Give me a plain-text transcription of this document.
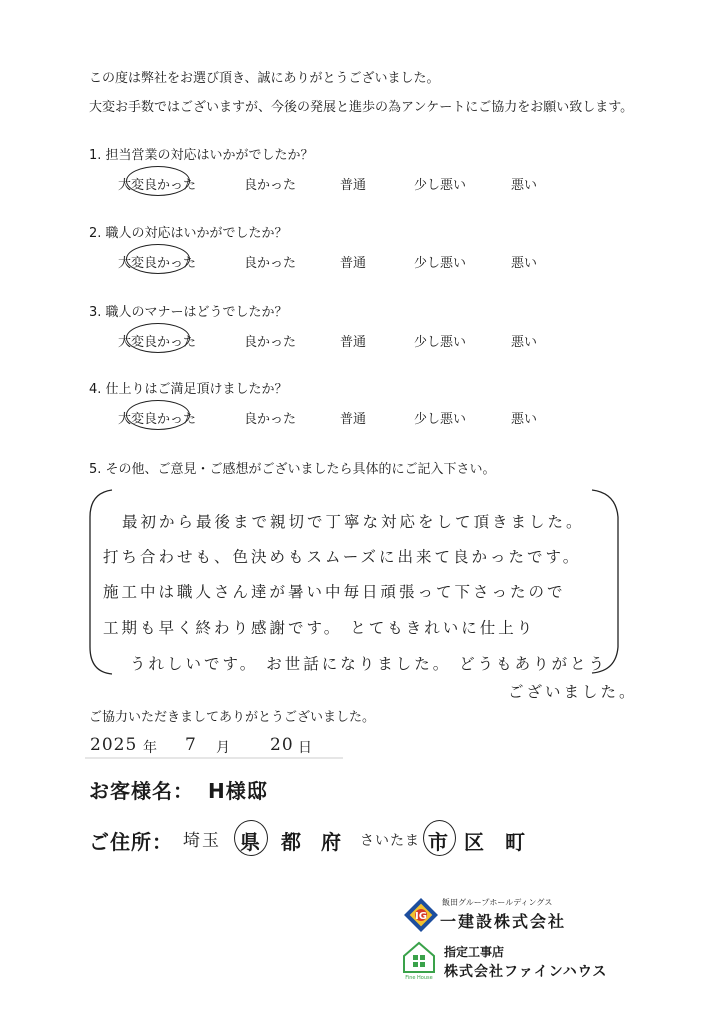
この度は弊社をお選び頂き、誠にありがとうございました。
大変お手数ではございますが、今後の発展と進歩の為アンケートにご協力をお願い致します。
1. 担当営業の対応はいかがでしたか？
大変良かった	良かった	普通	少し悪い	悪い
2. 職人の対応はいかがでしたか？
大変良かった	良かった	普通	少し悪い	悪い
3. 職人のマナーはどうでしたか？
大変良かった	良かった	普通	少し悪い	悪い
4. 仕上りはご満足頂けましたか？
大変良かった	良かった	普通	少し悪い	悪い
5. その他、ご意見・ご感想がございましたら具体的にご記入下さい。
最初から最後まで親切で丁寧な対応をして頂きました。
打ち合わせも、色決めもスムーズに出来て良かったです。
施工中は職人さん達が暑い中毎日頑張って下さったので
工期も早く終わり感謝です。 とてもきれいに仕上り
うれしいです。 お世話になりました。 どうもありがとう
ございました。
ご協力いただきましてありがとうございました。
2025 年 7 月 20 日
お客様名： H様邸
ご住所： 埼玉 県 都 府 さいたま 市 区 町
IG
飯田グループホールディングス
一建設株式会社
Fine House
指定工事店
株式会社ファインハウス
